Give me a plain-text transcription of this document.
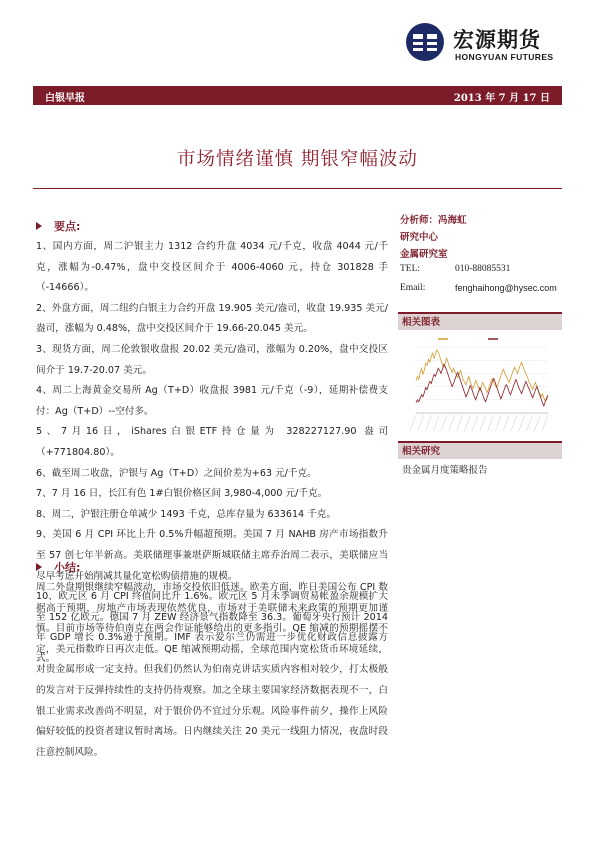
宏源期货
HONGYUAN FUTURES
白银早报	2013 年 7 月 17 日
市场情绪谨慎 期银窄幅波动
要点:

1、国内方面，周二沪银主力 1312 合约升盘 4034 元/千克，收盘 4044 元/千克，涨幅为-0.47%，盘中交投区间介于 4006-4060 元，持仓 301828 手（-14666）。

2、外盘方面，周二纽约白银主力合约开盘 19.905 美元/盎司，收盘 19.935 美元/盎司，涨幅为 0.48%，盘中交投区间介于 19.66-20.045 美元。

3、现货方面，周二伦敦银收盘报 20.02 美元/盎司，涨幅为 0.20%，盘中交投区间介于 19.7-20.07 美元。

4、周二上海黄金交易所 Ag（T+D）收盘报 3981 元/千克（-9），延期补偿费支付：Ag（T+D）--空付多。

5、7月16日，iShares白银ETF持仓量为 328227127.90 盎司（+771804.80）。

6、截至周二收盘，沪银与 Ag（T+D）之间价差为+63 元/千克。

7、7 月 16 日，长江有色 1#白银价格区间 3,980-4,000 元/千克。

8、周二，沪银注册仓单减少 1493 千克，总库存量为 633614 千克。

9、美国 6 月 CPI 环比上升 0.5%升幅超预期。美国 7 月 NAHB 房产市场指数升至 57 创七年半新高。美联储理事兼堪萨斯城联储主席乔治周二表示，美联储应当尽早考虑开始削减其量化宽松购债措施的规模。

10、欧元区 6 月 CPI 终值同比升 1.6%。欧元区 5 月未季调贸易帐盈余规模扩大至 152 亿欧元。德国 7 月 ZEW 经济景气指数降至 36.3。葡萄牙央行预计 2014 年 GDP 增长 0.3%逊于预期。IMF 表示爱尔兰仍需进一步优化财政信息披露方式。

小结:
周二外盘期银继续窄幅波动，市场交投依旧低迷。欧美方面，昨日美国公布 CPI 数据高于预期，房地产市场表现依然优良，市场对于美联储未来政策的预期更加谨慎。目前市场等待伯南克在两会作证能够给出的更多指引。QE 缩减的预期摇摆不定，美元指数昨日再次走低。QE 缩减预期动摇，全球范围内宽松货币环境延续，对贵金属形成一定支持。但我们仍然认为伯南克讲话实质内容相对较少，打太极般的发言对于反弹持续性的支持仍待观察。加之全球主要国家经济数据表现不一，白银工业需求改善尚不明显，对于银价仍不宜过分乐观。风险事件前夕，操作上风险偏好较低的投资者建议暂时离场。日内继续关注 20 美元一线阻力情况，夜盘时段注意控制风险。
分析师：冯海虹
研究中心
金属研究室
TEL:	010-88085531
Email:	fenghaihong@hysec.com
相关图表
相关研究
贵金属月度策略报告
